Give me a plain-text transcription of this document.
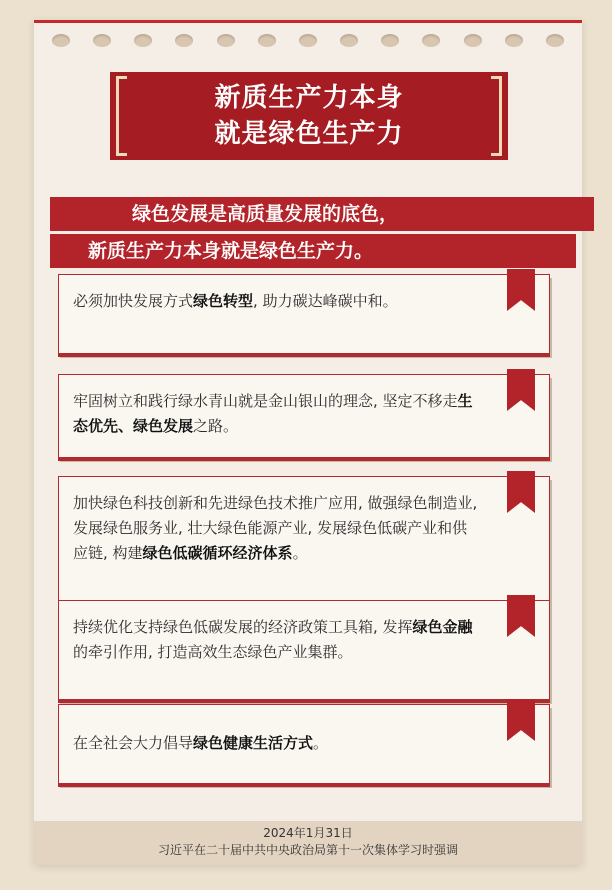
新质生产力本身
就是绿色生产力
绿色发展是高质量发展的底色，
新质生产力本身就是绿色生产力。
必须加快发展方式绿色转型, 助力碳达峰碳中和。
牢固树立和践行绿水青山就是金山银山的理念, 坚定不移走生态优先、绿色发展之路。
加快绿色科技创新和先进绿色技术推广应用, 做强绿色制造业, 发展绿色服务业, 壮大绿色能源产业, 发展绿色低碳产业和供应链, 构建绿色低碳循环经济体系。
持续优化支持绿色低碳发展的经济政策工具箱, 发挥绿色金融的牵引作用, 打造高效生态绿色产业集群。
在全社会大力倡导绿色健康生活方式。
2024年1月31日
习近平在二十届中共中央政治局第十一次集体学习时强调
